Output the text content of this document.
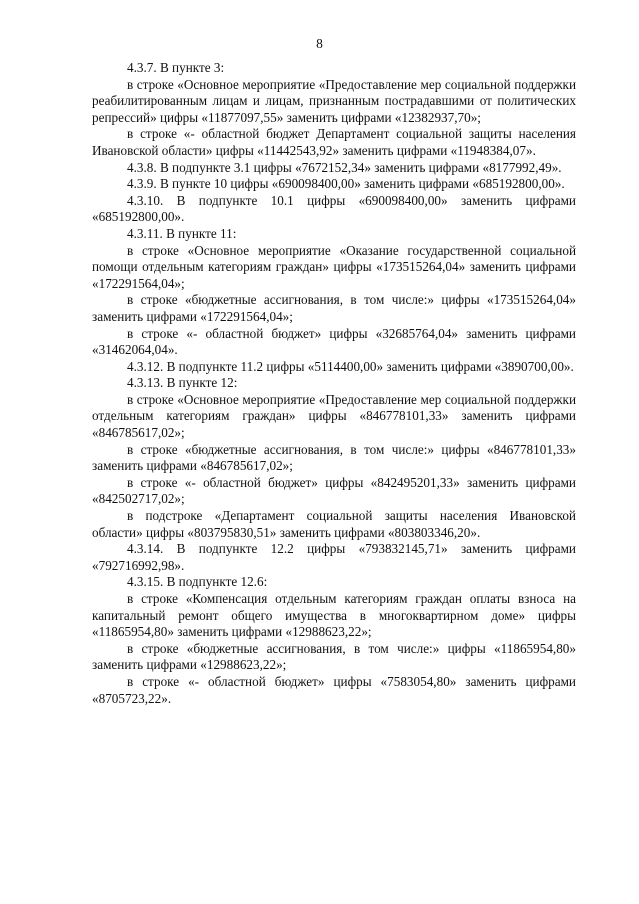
8

4.3.7. В пункте 3:

в строке «Основное мероприятие «Предоставление мер социальной поддержки реабилитированным лицам и лицам, признанным пострадавшими от политических репрессий» цифры «11877097,55» заменить цифрами «12382937,70»;

в строке «- областной бюджет Департамент социальной защиты населения Ивановской области» цифры «11442543,92» заменить цифрами «11948384,07».

4.3.8. В подпункте 3.1 цифры «7672152,34» заменить цифрами «8177992,49».

4.3.9. В пункте 10 цифры «690098400,00» заменить цифрами «685192800,00».

4.3.10. В подпункте 10.1 цифры «690098400,00» заменить цифрами «685192800,00».

4.3.11. В пункте 11:

в строке «Основное мероприятие «Оказание государственной социальной помощи отдельным категориям граждан» цифры «173515264,04» заменить цифрами «172291564,04»;

в строке «бюджетные ассигнования, в том числе:» цифры «173515264,04» заменить цифрами «172291564,04»;

в строке «- областной бюджет» цифры «32685764,04» заменить цифрами «31462064,04».

4.3.12. В подпункте 11.2 цифры «5114400,00» заменить цифрами «3890700,00».

4.3.13. В пункте 12:

в строке «Основное мероприятие «Предоставление мер социальной поддержки отдельным категориям граждан» цифры «846778101,33» заменить цифрами «846785617,02»;

в строке «бюджетные ассигнования, в том числе:» цифры «846778101,33» заменить цифрами «846785617,02»;

в строке «- областной бюджет» цифры «842495201,33» заменить цифрами «842502717,02»;

в подстроке «Департамент социальной защиты населения Ивановской области» цифры «803795830,51» заменить цифрами «803803346,20».

4.3.14. В подпункте 12.2 цифры «793832145,71» заменить цифрами «792716992,98».

4.3.15. В подпункте 12.6:

в строке «Компенсация отдельным категориям граждан оплаты взноса на капитальный ремонт общего имущества в многоквартирном доме» цифры «11865954,80» заменить цифрами «12988623,22»;

в строке «бюджетные ассигнования, в том числе:» цифры «11865954,80» заменить цифрами «12988623,22»;

в строке «- областной бюджет» цифры «7583054,80» заменить цифрами «8705723,22».
